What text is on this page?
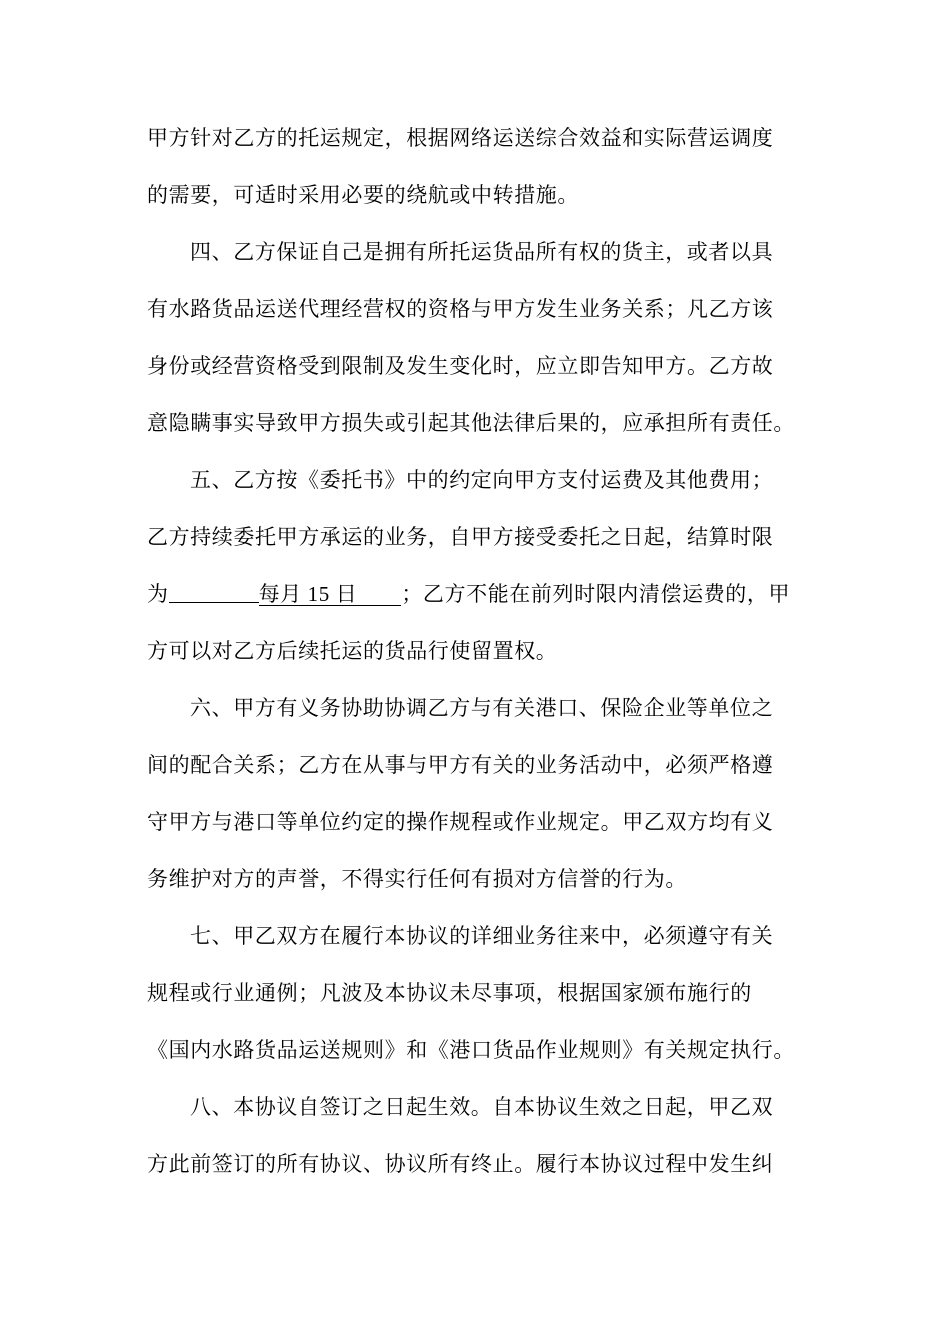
甲方针对乙方的托运规定，根据网络运送综合效益和实际营运调度
的需要，可适时采用必要的绕航或中转措施。
四、乙方保证自己是拥有所托运货品所有权的货主，或者以具
有水路货品运送代理经营权的资格与甲方发生业务关系；凡乙方该
身份或经营资格受到限制及发生变化时，应立即告知甲方。乙方故
意隐瞒事实导致甲方损失或引起其他法律后果的，应承担所有责任。
五、乙方按《委托书》中的约定向甲方支付运费及其他费用；
乙方持续委托甲方承运的业务，自甲方接受委托之日起，结算时限
为	每月 15 日 ；乙方不能在前列时限内清偿运费的，甲
方可以对乙方后续托运的货品行使留置权。
六、甲方有义务协助协调乙方与有关港口、保险企业等单位之
间的配合关系；乙方在从事与甲方有关的业务活动中，必须严格遵
守甲方与港口等单位约定的操作规程或作业规定。甲乙双方均有义
务维护对方的声誉，不得实行任何有损对方信誉的行为。
七、甲乙双方在履行本协议的详细业务往来中，必须遵守有关
规程或行业通例；凡波及本协议未尽事项，根据国家颁布施行的
《国内水路货品运送规则》和《港口货品作业规则》有关规定执行。
八、本协议自签订之日起生效。自本协议生效之日起，甲乙双
方此前签订的所有协议、协议所有终止。履行本协议过程中发生纠
